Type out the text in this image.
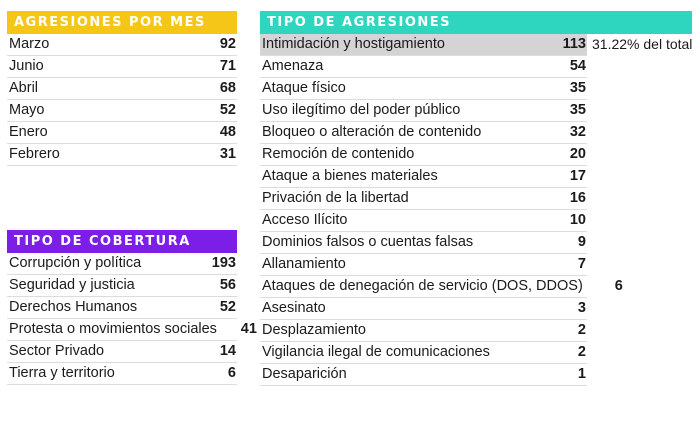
AGRESIONES POR MES
Marzo	92
Junio	71
Abril	68
Mayo	52
Enero	48
Febrero	31
TIPO DE COBERTURA
Corrupción y política	193
Seguridad y justicia	56
Derechos Humanos	52
Protesta o movimientos sociales	41
Sector Privado	14
Tierra y territorio	6
TIPO DE AGRESIONES
Intimidación y hostigamiento	113 31.22% del total
Amenaza	54
Ataque físico	35
Uso ilegítimo del poder público	35
Bloqueo o alteración de contenido	32
Remoción de contenido	20
Ataque a bienes materiales	17
Privación de la libertad	16
Acceso Ilícito	10
Dominios falsos o cuentas falsas	9
Allanamiento	7
Ataques de denegación de servicio (DOS, DDOS)	6
Asesinato	3
Desplazamiento	2
Vigilancia ilegal de comunicaciones	2
Desaparición	1
